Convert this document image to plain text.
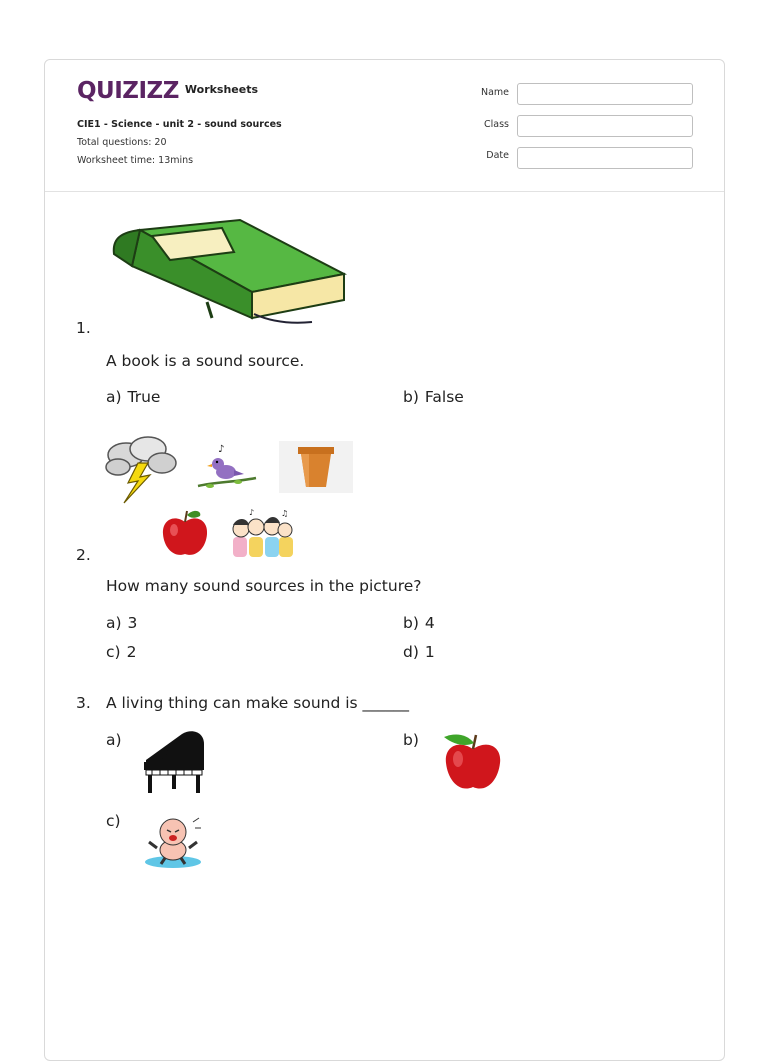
QUIZIZZ Worksheets
CIE1 - Science - unit 2 - sound sources
Total questions: 20
Worksheet time: 13mins
Name
Class
Date
1.
A book is a sound source.
a) True	b) False
♪
♪	♫
2.
How many sound sources in the picture?
a) 3	b) 4
c) 2	d) 1
3. A living thing can make sound is ______
a)	b)
c)
